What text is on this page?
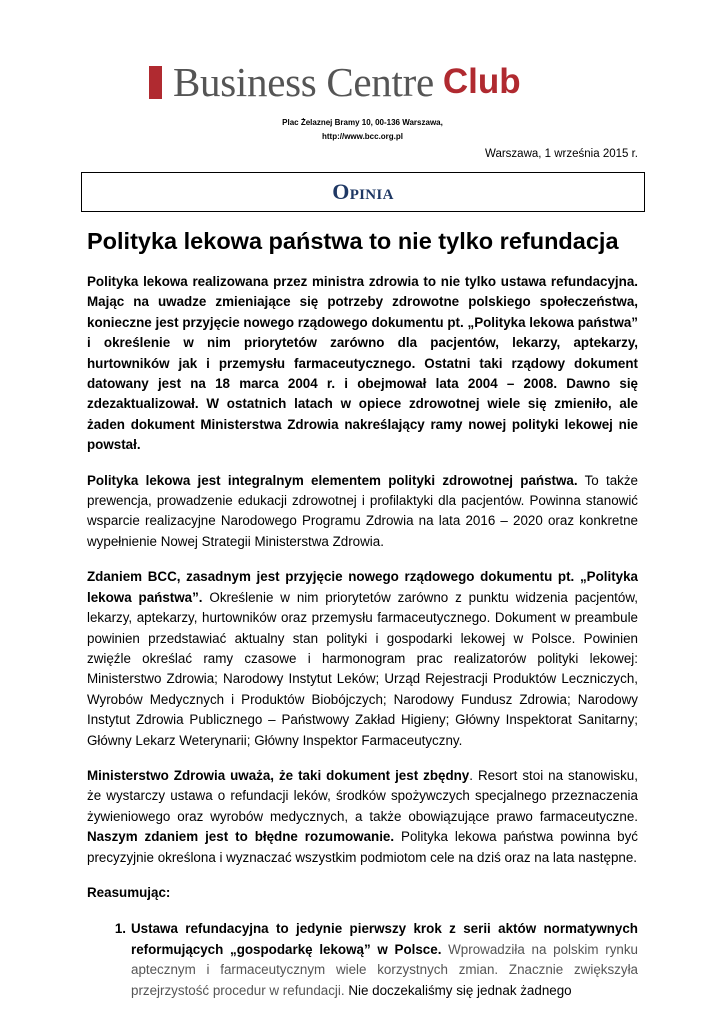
Business Centre Club
Plac Żelaznej Bramy 10, 00-136 Warszawa,
http://www.bcc.org.pl
Warszawa, 1 września 2015 r.
Opinia
Polityka lekowa państwa to nie tylko refundacja

Polityka lekowa realizowana przez ministra zdrowia to nie tylko ustawa refundacyjna. Mając na uwadze zmieniające się potrzeby zdrowotne polskiego społeczeństwa, konieczne jest przyjęcie nowego rządowego dokumentu pt. „Polityka lekowa państwa” i określenie w nim priorytetów zarówno dla pacjentów, lekarzy, aptekarzy, hurtowników jak i przemysłu farmaceutycznego. Ostatni taki rządowy dokument datowany jest na 18 marca 2004 r. i obejmował lata 2004 – 2008. Dawno się zdezaktualizował. W ostatnich latach w opiece zdrowotnej wiele się zmieniło, ale żaden dokument Ministerstwa Zdrowia nakreślający ramy nowej polityki lekowej nie powstał.

Polityka lekowa jest integralnym elementem polityki zdrowotnej państwa. To także prewencja, prowadzenie edukacji zdrowotnej i profilaktyki dla pacjentów. Powinna stanowić wsparcie realizacyjne Narodowego Programu Zdrowia na lata 2016 – 2020 oraz konkretne wypełnienie Nowej Strategii Ministerstwa Zdrowia.

Zdaniem BCC, zasadnym jest przyjęcie nowego rządowego dokumentu pt. „Polityka lekowa państwa”. Określenie w nim priorytetów zarówno z punktu widzenia pacjentów, lekarzy, aptekarzy, hurtowników oraz przemysłu farmaceutycznego. Dokument w preambule powinien przedstawiać aktualny stan polityki i gospodarki lekowej w Polsce. Powinien zwięźle określać ramy czasowe i harmonogram prac realizatorów polityki lekowej: Ministerstwo Zdrowia; Narodowy Instytut Leków; Urząd Rejestracji Produktów Leczniczych, Wyrobów Medycznych i Produktów Biobójczych; Narodowy Fundusz Zdrowia; Narodowy Instytut Zdrowia Publicznego – Państwowy Zakład Higieny; Główny Inspektorat Sanitarny; Główny Lekarz Weterynarii; Główny Inspektor Farmaceutyczny.

Ministerstwo Zdrowia uważa, że taki dokument jest zbędny. Resort stoi na stanowisku, że wystarczy ustawa o refundacji leków, środków spożywczych specjalnego przeznaczenia żywieniowego oraz wyrobów medycznych, a także obowiązujące prawo farmaceutyczne. Naszym zdaniem jest to błędne rozumowanie. Polityka lekowa państwa powinna być precyzyjnie określona i wyznaczać wszystkim podmiotom cele na dziś oraz na lata następne.

Reasumując:

1. Ustawa refundacyjna to jedynie pierwszy krok z serii aktów normatywnych reformujących „gospodarkę lekową” w Polsce. Wprowadziła na polskim rynku aptecznym i farmaceutycznym wiele korzystnych zmian. Znacznie zwiększyła przejrzystość procedur w refundacji. Nie doczekaliśmy się jednak żadnego
